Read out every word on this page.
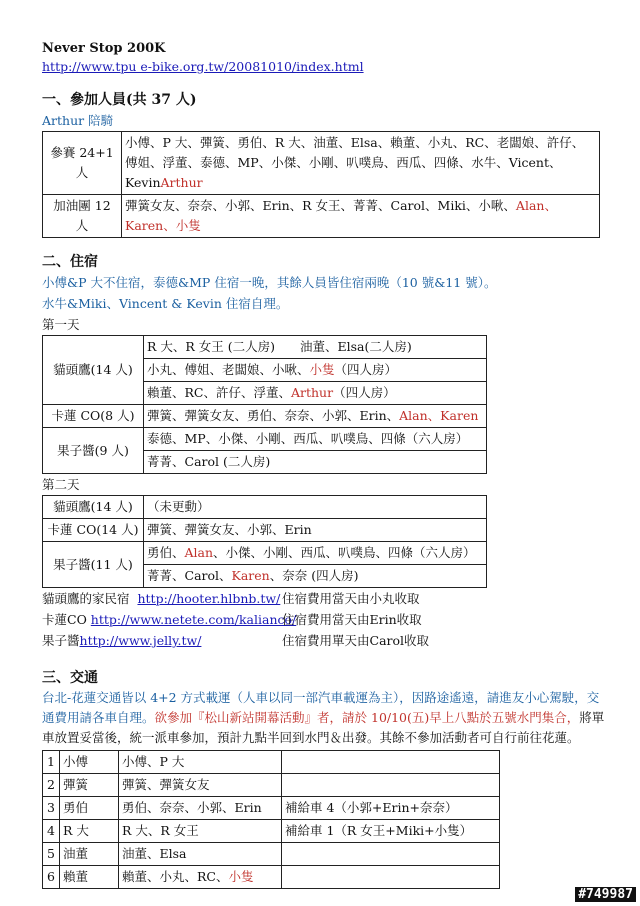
Never Stop 200K
http://www.tpu e-bike.org.tw/20081010/index.html
一、參加人員(共 37 人)
Arthur 陪騎
參賽 24+1 人	小傅、P 大、彈簧、勇伯、R 大、油董、Elsa、賴董、小丸、RC、老闆娘、許仔、傅姐、浮董、泰德、MP、小傑、小剛、叭噗鳥、西瓜、四條、水牛、Vicent、KevinArthur
加油團 12 人	彈簧女友、奈奈、小郭、Erin、R 女王、菁菁、Carol、Miki、小啾、Alan、Karen、小隻
二、住宿
小傅&P 大不住宿，泰德&MP 住宿一晚，其餘人員皆住宿兩晚（10 號&11 號）。
水牛&Miki、Vincent & Kevin 住宿自理。
第一天
貓頭鷹(14 人)	R 大、R 女王 (二人房)　　油董、Elsa(二人房)
	小丸、傅姐、老闆娘、小啾、小隻（四人房）
	賴董、RC、許仔、浮董、Arthur（四人房）
卡蓮 CO(8 人)	彈簧、彈簧女友、勇伯、奈奈、小郭、Erin、Alan、Karen
果子醬(9 人)	泰德、MP、小傑、小剛、西瓜、叭噗鳥、四條（六人房）
	菁菁、Carol (二人房)
第二天
貓頭鷹(14 人)	（未更動）
卡蓮 CO(14 人)	彈簧、彈簧女友、小郭、Erin
果子醬(11 人)	勇伯、Alan、小傑、小剛、西瓜、叭噗鳥、四條（六人房）
	菁菁、Carol、Karen、奈奈 (四人房)
貓頭鷹的家民宿 http://hooter.hlbnb.tw/ 住宿費用當天由小丸收取
卡蓮CO http://www.netete.com/kalianco/
住宿費用當天由Erin收取
果子醬http://www.jelly.tw/	住宿費用單天由Carol收取
三、交通
台北-花蓮交通皆以 4+2 方式載運（人車以同一部汽車載運為主），因路途遙遠，請進友小心駕駛，交通費用請各車自理。欲參加『松山新站開幕活動』者，請於 10/10(五)早上八點於五號水門集合，將單車放置妥當後，統一派車參加，預計九點半回到水門＆出發。其餘不參加活動者可自行前往花蓮。
1	小傅	小傅、P 大	
2	彈簧	彈簧、彈簧女友	
3	勇伯	勇伯、奈奈、小郭、Erin	補給車 4（小郭+Erin+奈奈）
4	R 大	R 大、R 女王	補給車 1（R 女王+Miki+小隻）
5	油董	油董、Elsa	
6	賴董	賴董、小丸、RC、小隻	
#749987
